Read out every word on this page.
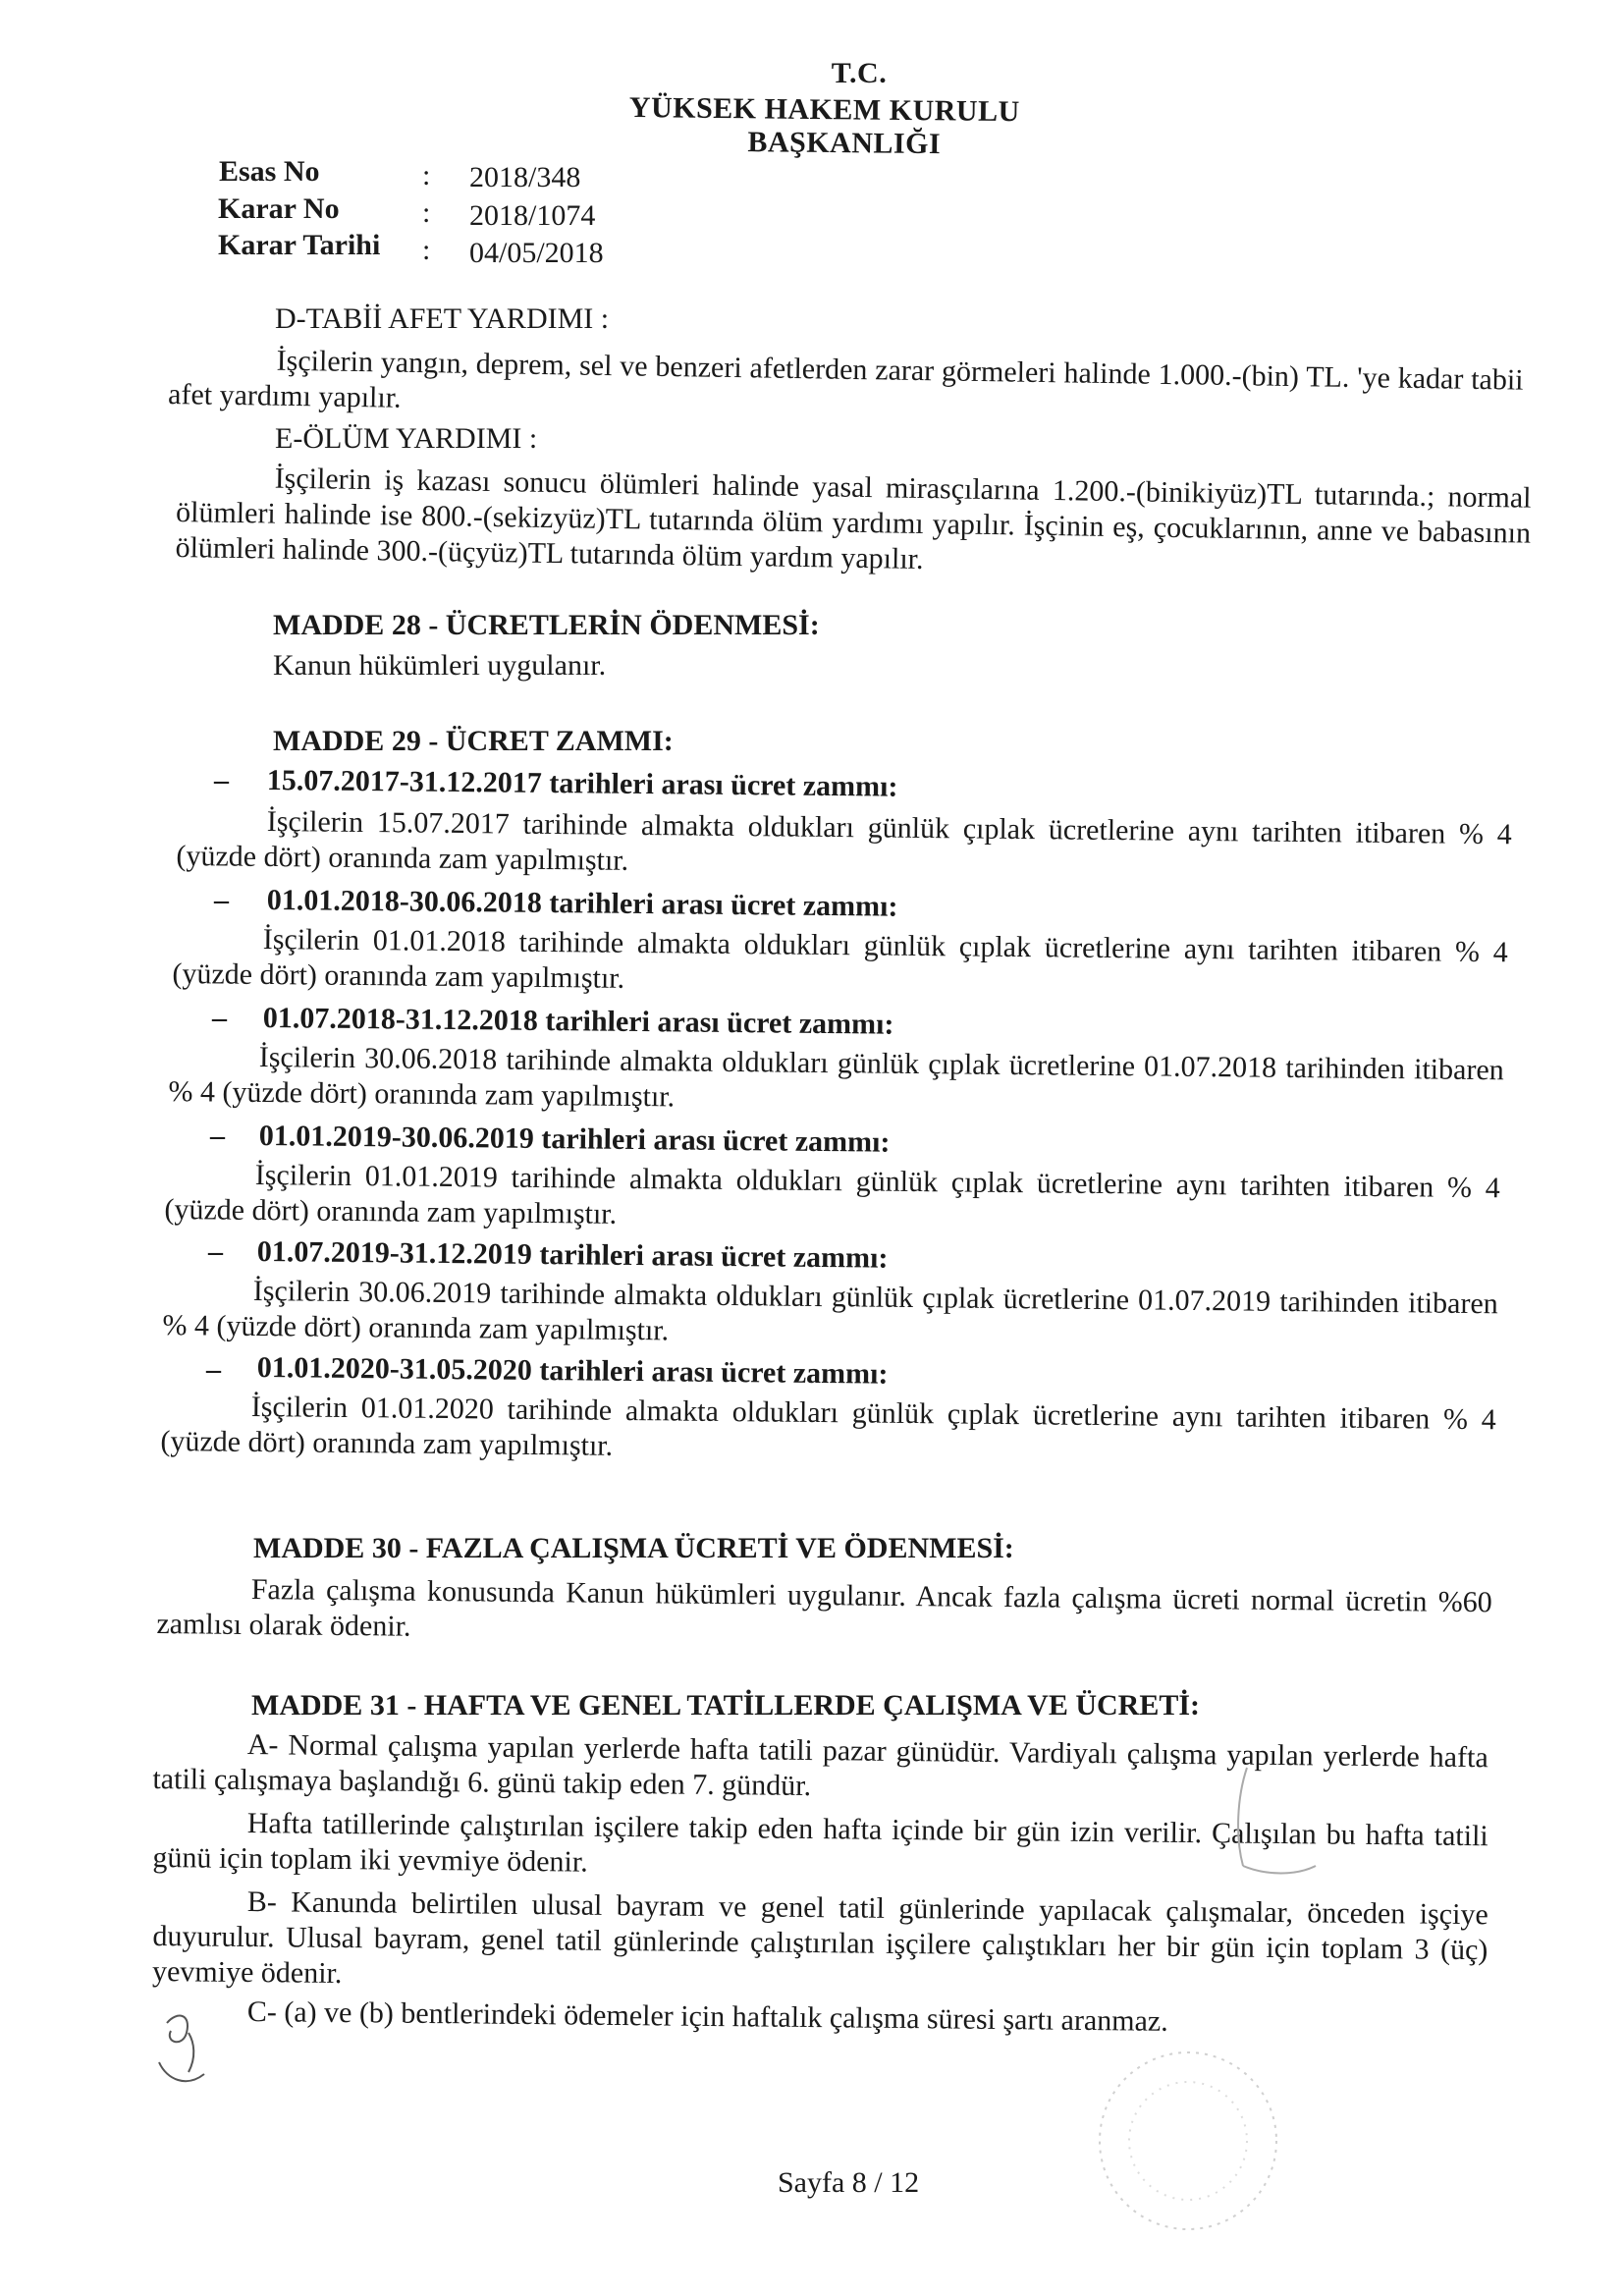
T.C.
YÜKSEK HAKEM KURULU
BAŞKANLIĞI
Esas No	: 2018/348
Karar No	: 2018/1074
Karar Tarihi : 04/05/2018
D-TABİİ AFET YARDIMI :
İşçilerin yangın, deprem, sel ve benzeri afetlerden zarar görmeleri halinde 1.000.-(bin) TL. 'ye kadar tabii afet yardımı yapılır.
E-ÖLÜM YARDIMI :
İşçilerin iş kazası sonucu ölümleri halinde yasal mirasçılarına 1.200.-(binikiyüz)TL tutarında.; normal ölümleri halinde ise 800.-(sekizyüz)TL tutarında ölüm yardımı yapılır. İşçinin eş, çocuklarının, anne ve babasının ölümleri halinde 300.-(üçyüz)TL tutarında ölüm yardım yapılır.
MADDE 28 - ÜCRETLERİN ÖDENMESİ:
Kanun hükümleri uygulanır.
MADDE 29 - ÜCRET ZAMMI:
– 15.07.2017-31.12.2017 tarihleri arası ücret zammı:
İşçilerin 15.07.2017 tarihinde almakta oldukları günlük çıplak ücretlerine aynı tarihten itibaren % 4 (yüzde dört) oranında zam yapılmıştır.
– 01.01.2018-30.06.2018 tarihleri arası ücret zammı:
İşçilerin 01.01.2018 tarihinde almakta oldukları günlük çıplak ücretlerine aynı tarihten itibaren % 4 (yüzde dört) oranında zam yapılmıştır.
– 01.07.2018-31.12.2018 tarihleri arası ücret zammı:
İşçilerin 30.06.2018 tarihinde almakta oldukları günlük çıplak ücretlerine 01.07.2018 tarihinden itibaren % 4 (yüzde dört) oranında zam yapılmıştır.
– 01.01.2019-30.06.2019 tarihleri arası ücret zammı:
İşçilerin 01.01.2019 tarihinde almakta oldukları günlük çıplak ücretlerine aynı tarihten itibaren % 4 (yüzde dört) oranında zam yapılmıştır.
– 01.07.2019-31.12.2019 tarihleri arası ücret zammı:
İşçilerin 30.06.2019 tarihinde almakta oldukları günlük çıplak ücretlerine 01.07.2019 tarihinden itibaren % 4 (yüzde dört) oranında zam yapılmıştır.
– 01.01.2020-31.05.2020 tarihleri arası ücret zammı:
İşçilerin 01.01.2020 tarihinde almakta oldukları günlük çıplak ücretlerine aynı tarihten itibaren % 4 (yüzde dört) oranında zam yapılmıştır.
MADDE 30 - FAZLA ÇALIŞMA ÜCRETİ VE ÖDENMESİ:
Fazla çalışma konusunda Kanun hükümleri uygulanır. Ancak fazla çalışma ücreti normal ücretin %60 zamlısı olarak ödenir.
MADDE 31 - HAFTA VE GENEL TATİLLERDE ÇALIŞMA VE ÜCRETİ:
A- Normal çalışma yapılan yerlerde hafta tatili pazar günüdür. Vardiyalı çalışma yapılan yerlerde hafta tatili çalışmaya başlandığı 6. günü takip eden 7. gündür.
Hafta tatillerinde çalıştırılan işçilere takip eden hafta içinde bir gün izin verilir. Çalışılan bu hafta tatili günü için toplam iki yevmiye ödenir.
B- Kanunda belirtilen ulusal bayram ve genel tatil günlerinde yapılacak çalışmalar, önceden işçiye duyurulur. Ulusal bayram, genel tatil günlerinde çalıştırılan işçilere çalıştıkları her bir gün için toplam 3 (üç) yevmiye ödenir.
C- (a) ve (b) bentlerindeki ödemeler için haftalık çalışma süresi şartı aranmaz.
Sayfa 8 / 12
